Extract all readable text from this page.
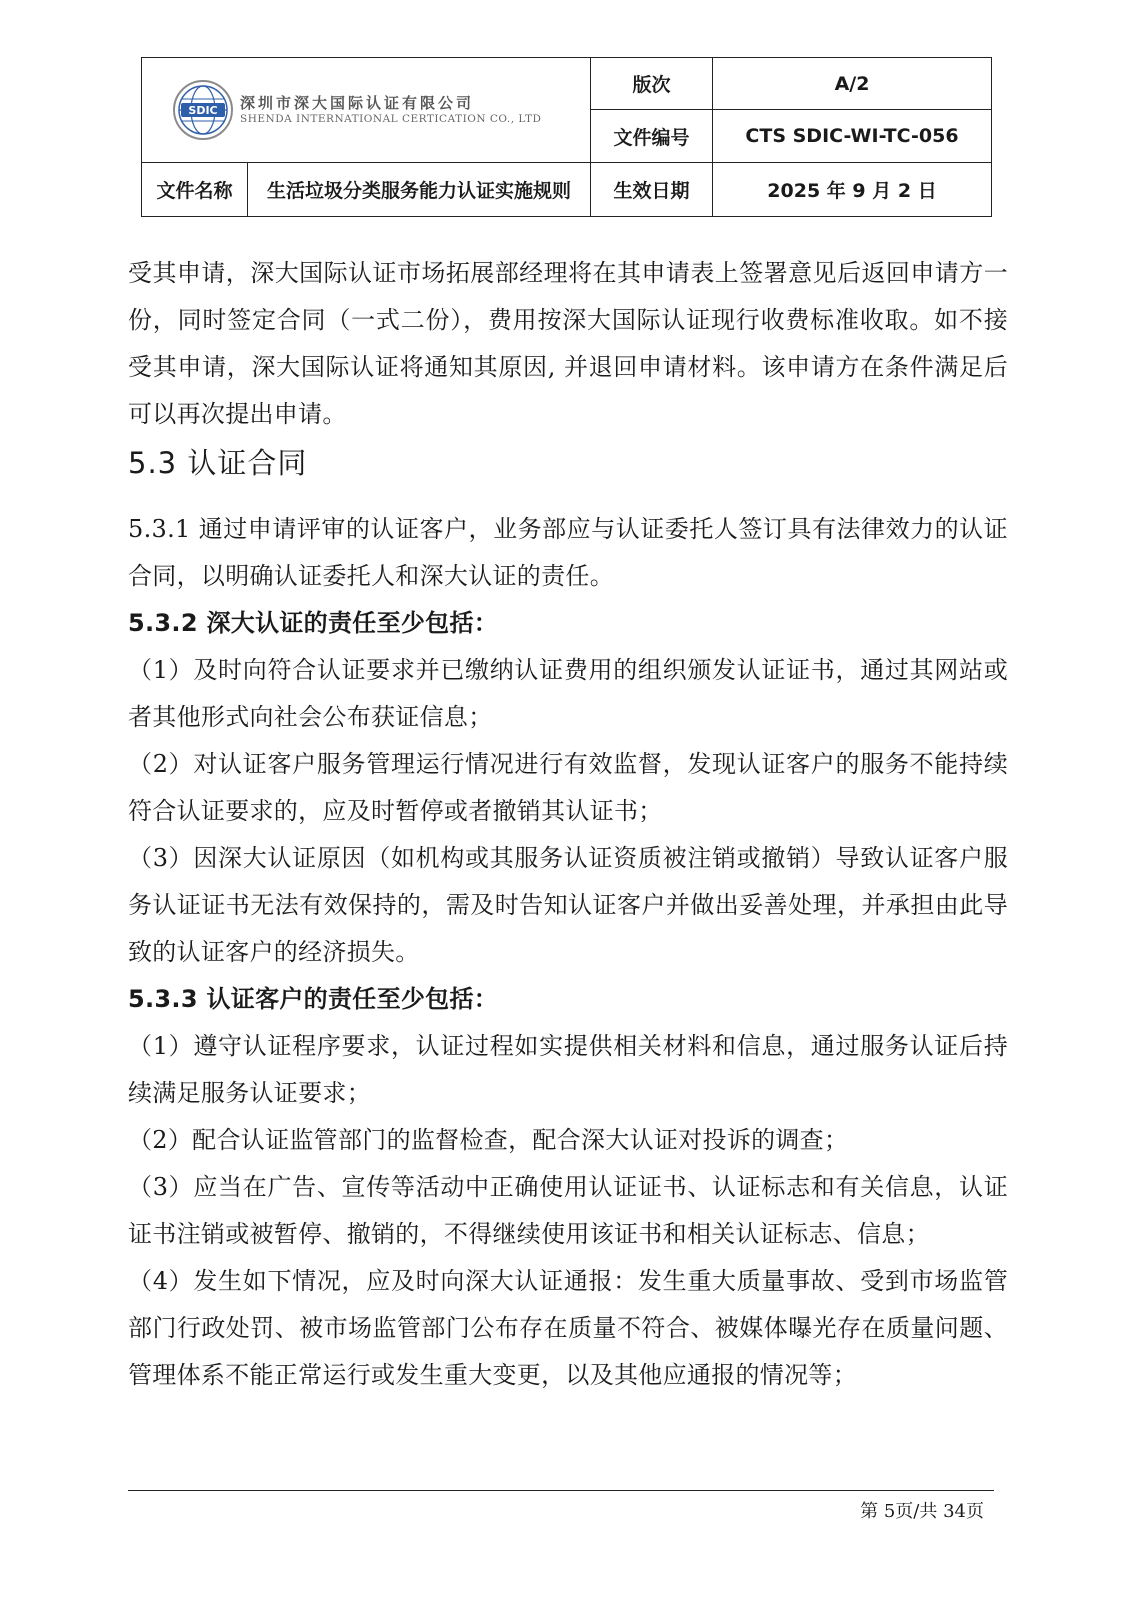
SDIC 深圳市深大国际认证有限公司
SHENDA INTERNATIONAL CERTICATION CO., LTD		版次	A/2
		文件编号	CTS SDIC-WI-TC-056
文件名称	生活垃圾分类服务能力认证实施规则	生效日期	2025 年 9 月 2 日

受其申请，深大国际认证市场拓展部经理将在其申请表上签署意见后返回申请方一份，同时签定合同（一式二份），费用按深大国际认证现行收费标准收取。如不接受其申请，深大国际认证将通知其原因, 并退回申请材料。该申请方在条件满足后可以再次提出申请。

5.3 认证合同

5.3.1 通过申请评审的认证客户，业务部应与认证委托人签订具有法律效力的认证合同，以明确认证委托人和深大认证的责任。

5.3.2 深大认证的责任至少包括：

（1）及时向符合认证要求并已缴纳认证费用的组织颁发认证证书，通过其网站或者其他形式向社会公布获证信息；

（2）对认证客户服务管理运行情况进行有效监督，发现认证客户的服务不能持续符合认证要求的，应及时暂停或者撤销其认证书；

（3）因深大认证原因（如机构或其服务认证资质被注销或撤销）导致认证客户服务认证证书无法有效保持的，需及时告知认证客户并做出妥善处理，并承担由此导致的认证客户的经济损失。

5.3.3 认证客户的责任至少包括：

（1）遵守认证程序要求，认证过程如实提供相关材料和信息，通过服务认证后持续满足服务认证要求；

（2）配合认证监管部门的监督检查，配合深大认证对投诉的调查；

（3）应当在广告、宣传等活动中正确使用认证证书、认证标志和有关信息，认证证书注销或被暂停、撤销的，不得继续使用该证书和相关认证标志、信息；

（4）发生如下情况，应及时向深大认证通报：发生重大质量事故、受到市场监管部门行政处罚、被市场监管部门公布存在质量不符合、被媒体曝光存在质量问题、管理体系不能正常运行或发生重大变更，以及其他应通报的情况等；

第 5页/共 34页
